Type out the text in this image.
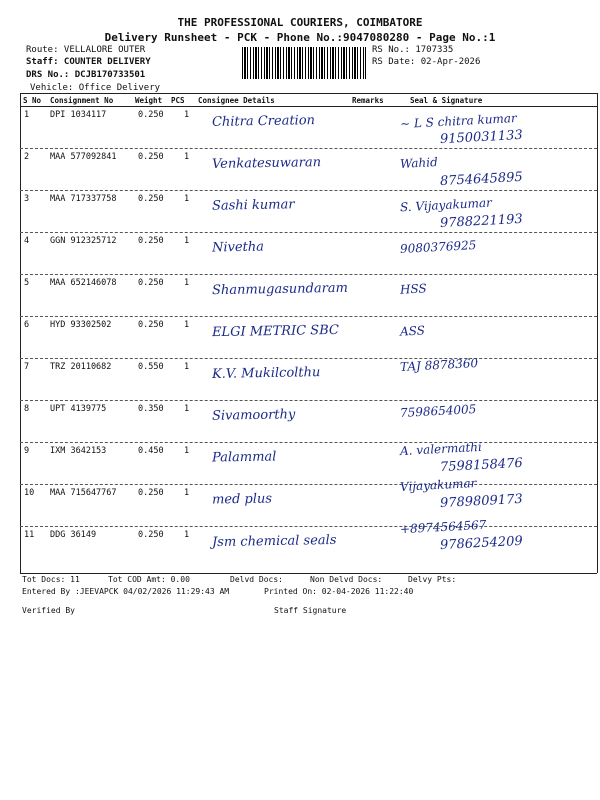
THE PROFESSIONAL COURIERS, COIMBATORE
Delivery Runsheet - PCK - Phone No.:9047080280 - Page No.:1
Route: VELLALORE OUTER
Staff: COUNTER DELIVERY
DRS No.: DCJB170733501
Vehicle: Office Delivery
RS No.: 1707335
RS Date: 02-Apr-2026
S No Consignment No	Weight PCS Consignee Details	Remarks	Seal & Signature
1 DPI 1034117	0.250 1 Chitra Creation	~ L S chitra kumar
9150031133
2 MAA 577092841	0.250 1 Venkatesuwaran	Wahid
8754645895
3 MAA 717337758	0.250 1 Sashi kumar	S. Vijayakumar
9788221193
4 GGN 912325712	0.250 1 Nivetha	9080376925
5 MAA 652146078	0.250 1 Shanmugasundaram	HSS
6 HYD 93302502	0.250 1 ELGI METRIC SBC	ASS
7 TRZ 20110682	0.550 1 K.V. Mukilcolthu	TAJ 8878360
8 UPT 4139775	0.350 1 Sivamoorthy	7598654005
9 IXM 3642153	0.450 1 Palammal	A. valermathi
7598158476
10 MAA 715647767	0.250 1 med plus
Vijayakumar
9789809173
11 DDG 36149	0.250 1 Jsm chemical seals
+8974564567
9786254209
Tot Docs: 11	Tot COD Amt: 0.00	Delvd Docs:	Non Delvd Docs:	Delvy Pts:
Entered By :JEEVAPCK 04/02/2026 11:29:43 AM	Printed On: 02-04-2026 11:22:40
Verified By	Staff Signature
